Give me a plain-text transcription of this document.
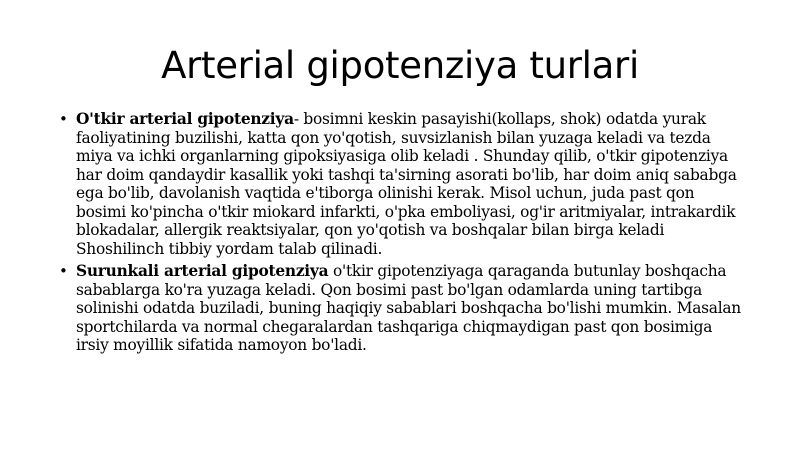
Arterial gipotenziya turlari
• O'tkir arterial gipotenziya- bosimni keskin pasayishi(kollaps, shok) odatda yurak faoliyatining buzilishi, katta qon yo'qotish, suvsizlanish bilan yuzaga keladi va tezda miya va ichki organlarning gipoksiyasiga olib keladi . Shunday qilib, o'tkir gipotenziya har doim qandaydir kasallik yoki tashqi ta'sirning asorati bo'lib, har doim aniq sababga ega bo'lib, davolanish vaqtida e'tiborga olinishi kerak. Misol uchun, juda past qon bosimi ko'pincha o'tkir miokard infarkti, o'pka emboliyasi, og'ir aritmiyalar, intrakardik blokadalar, allergik reaktsiyalar, qon yo'qotish va boshqalar bilan birga keladi Shoshilinch tibbiy yordam talab qilinadi.
• Surunkali arterial gipotenziya o'tkir gipotenziyaga qaraganda butunlay boshqacha sabablarga ko'ra yuzaga keladi. Qon bosimi past bo'lgan odamlarda uning tartibga solinishi odatda buziladi, buning haqiqiy sabablari boshqacha bo'lishi mumkin. Masalan sportchilarda va normal chegaralardan tashqariga chiqmaydigan past qon bosimiga irsiy moyillik sifatida namoyon bo'ladi.
